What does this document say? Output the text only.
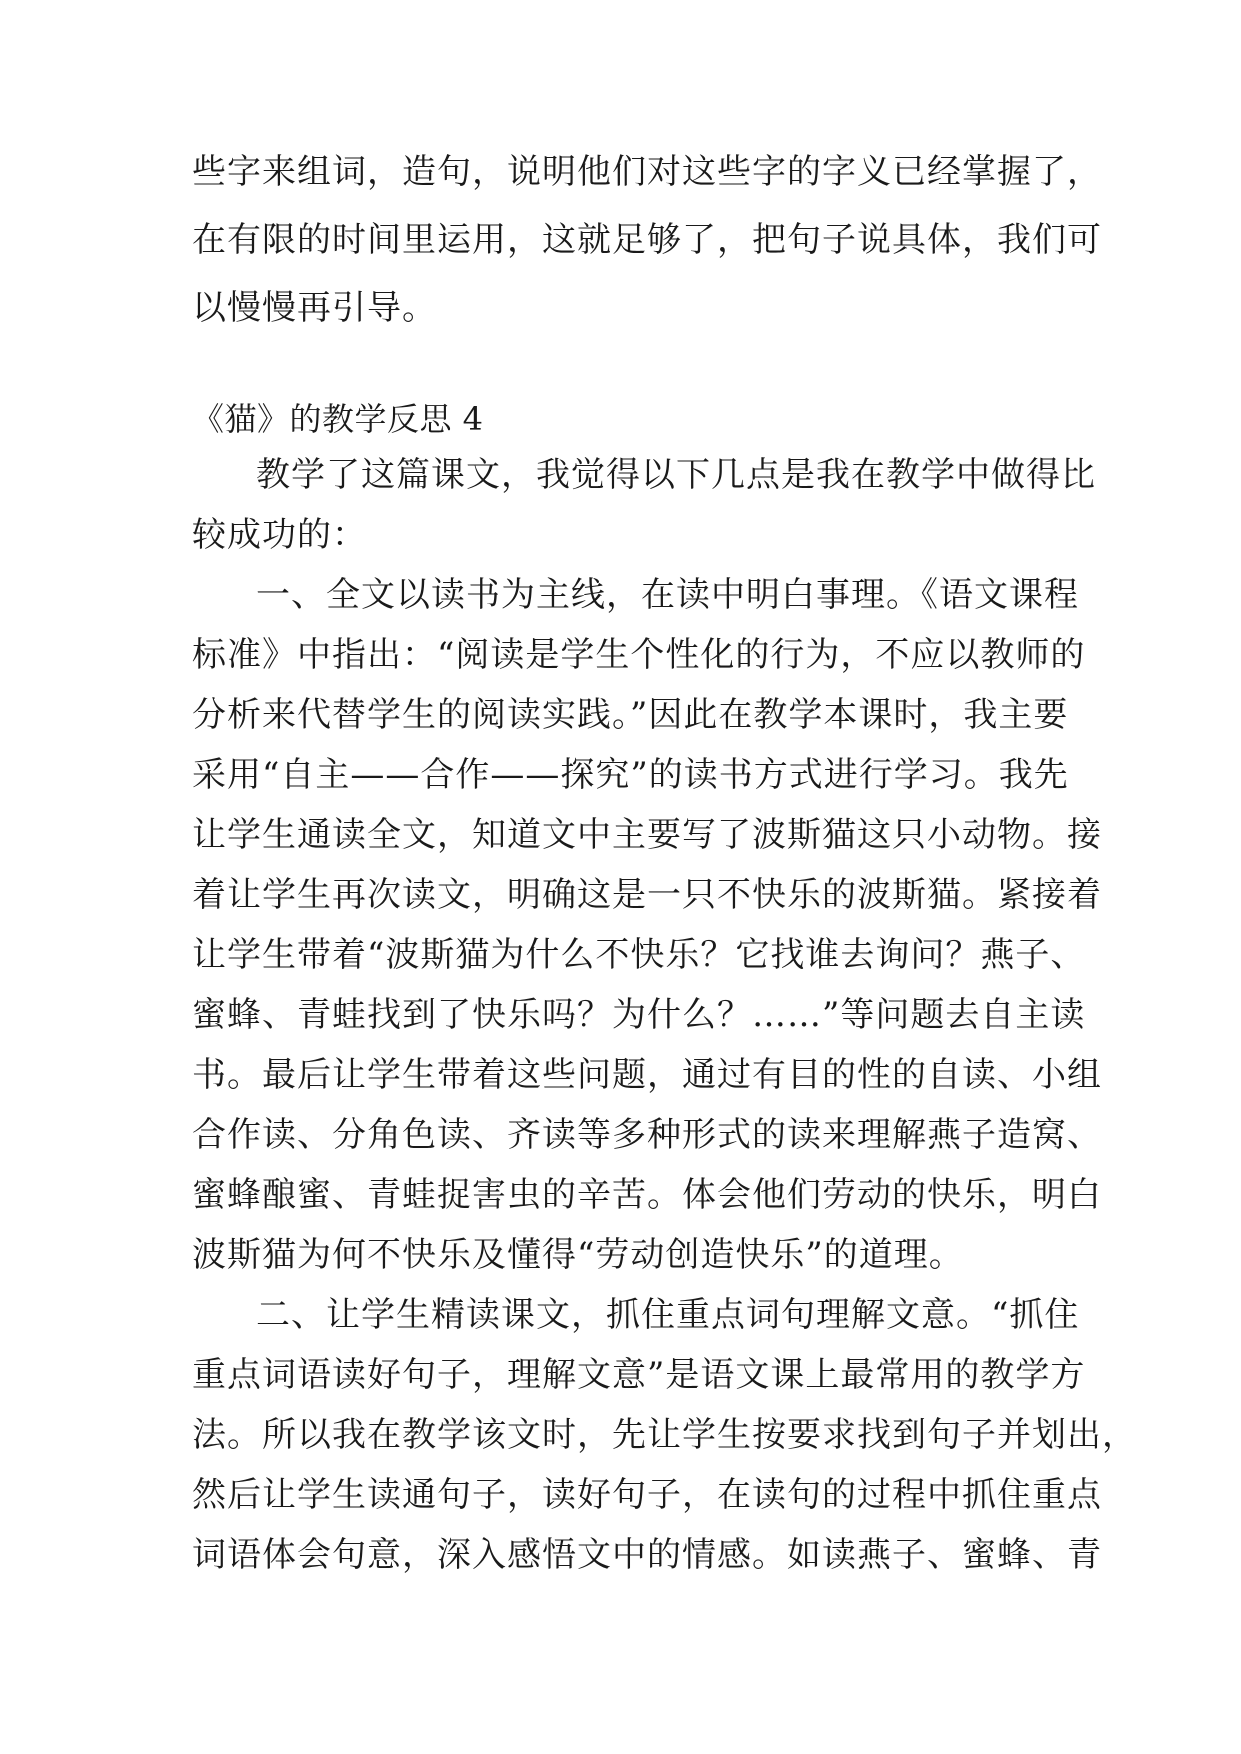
些字来组词，造句，说明他们对这些字的字义已经掌握了，
在有限的时间里运用，这就足够了，把句子说具体，我们可
以慢慢再引导。
《猫》的教学反思 4
教学了这篇课文，我觉得以下几点是我在教学中做得比
较成功的：
一、全文以读书为主线，在读中明白事理。《语文课程
标准》中指出：“阅读是学生个性化的行为，不应以教师的
分析来代替学生的阅读实践。”因此在教学本课时，我主要
采用“自主——合作——探究”的读书方式进行学习。我先
让学生通读全文，知道文中主要写了波斯猫这只小动物。接
着让学生再次读文，明确这是一只不快乐的波斯猫。紧接着
让学生带着“波斯猫为什么不快乐？它找谁去询问？燕子、
蜜蜂、青蛙找到了快乐吗？为什么？……”等问题去自主读
书。最后让学生带着这些问题，通过有目的性的自读、小组
合作读、分角色读、齐读等多种形式的读来理解燕子造窝、
蜜蜂酿蜜、青蛙捉害虫的辛苦。体会他们劳动的快乐，明白
波斯猫为何不快乐及懂得“劳动创造快乐”的道理。
二、让学生精读课文，抓住重点词句理解文意。“抓住
重点词语读好句子，理解文意”是语文课上最常用的教学方
法。所以我在教学该文时，先让学生按要求找到句子并划出，
然后让学生读通句子，读好句子，在读句的过程中抓住重点
词语体会句意，深入感悟文中的情感。如读燕子、蜜蜂、青
